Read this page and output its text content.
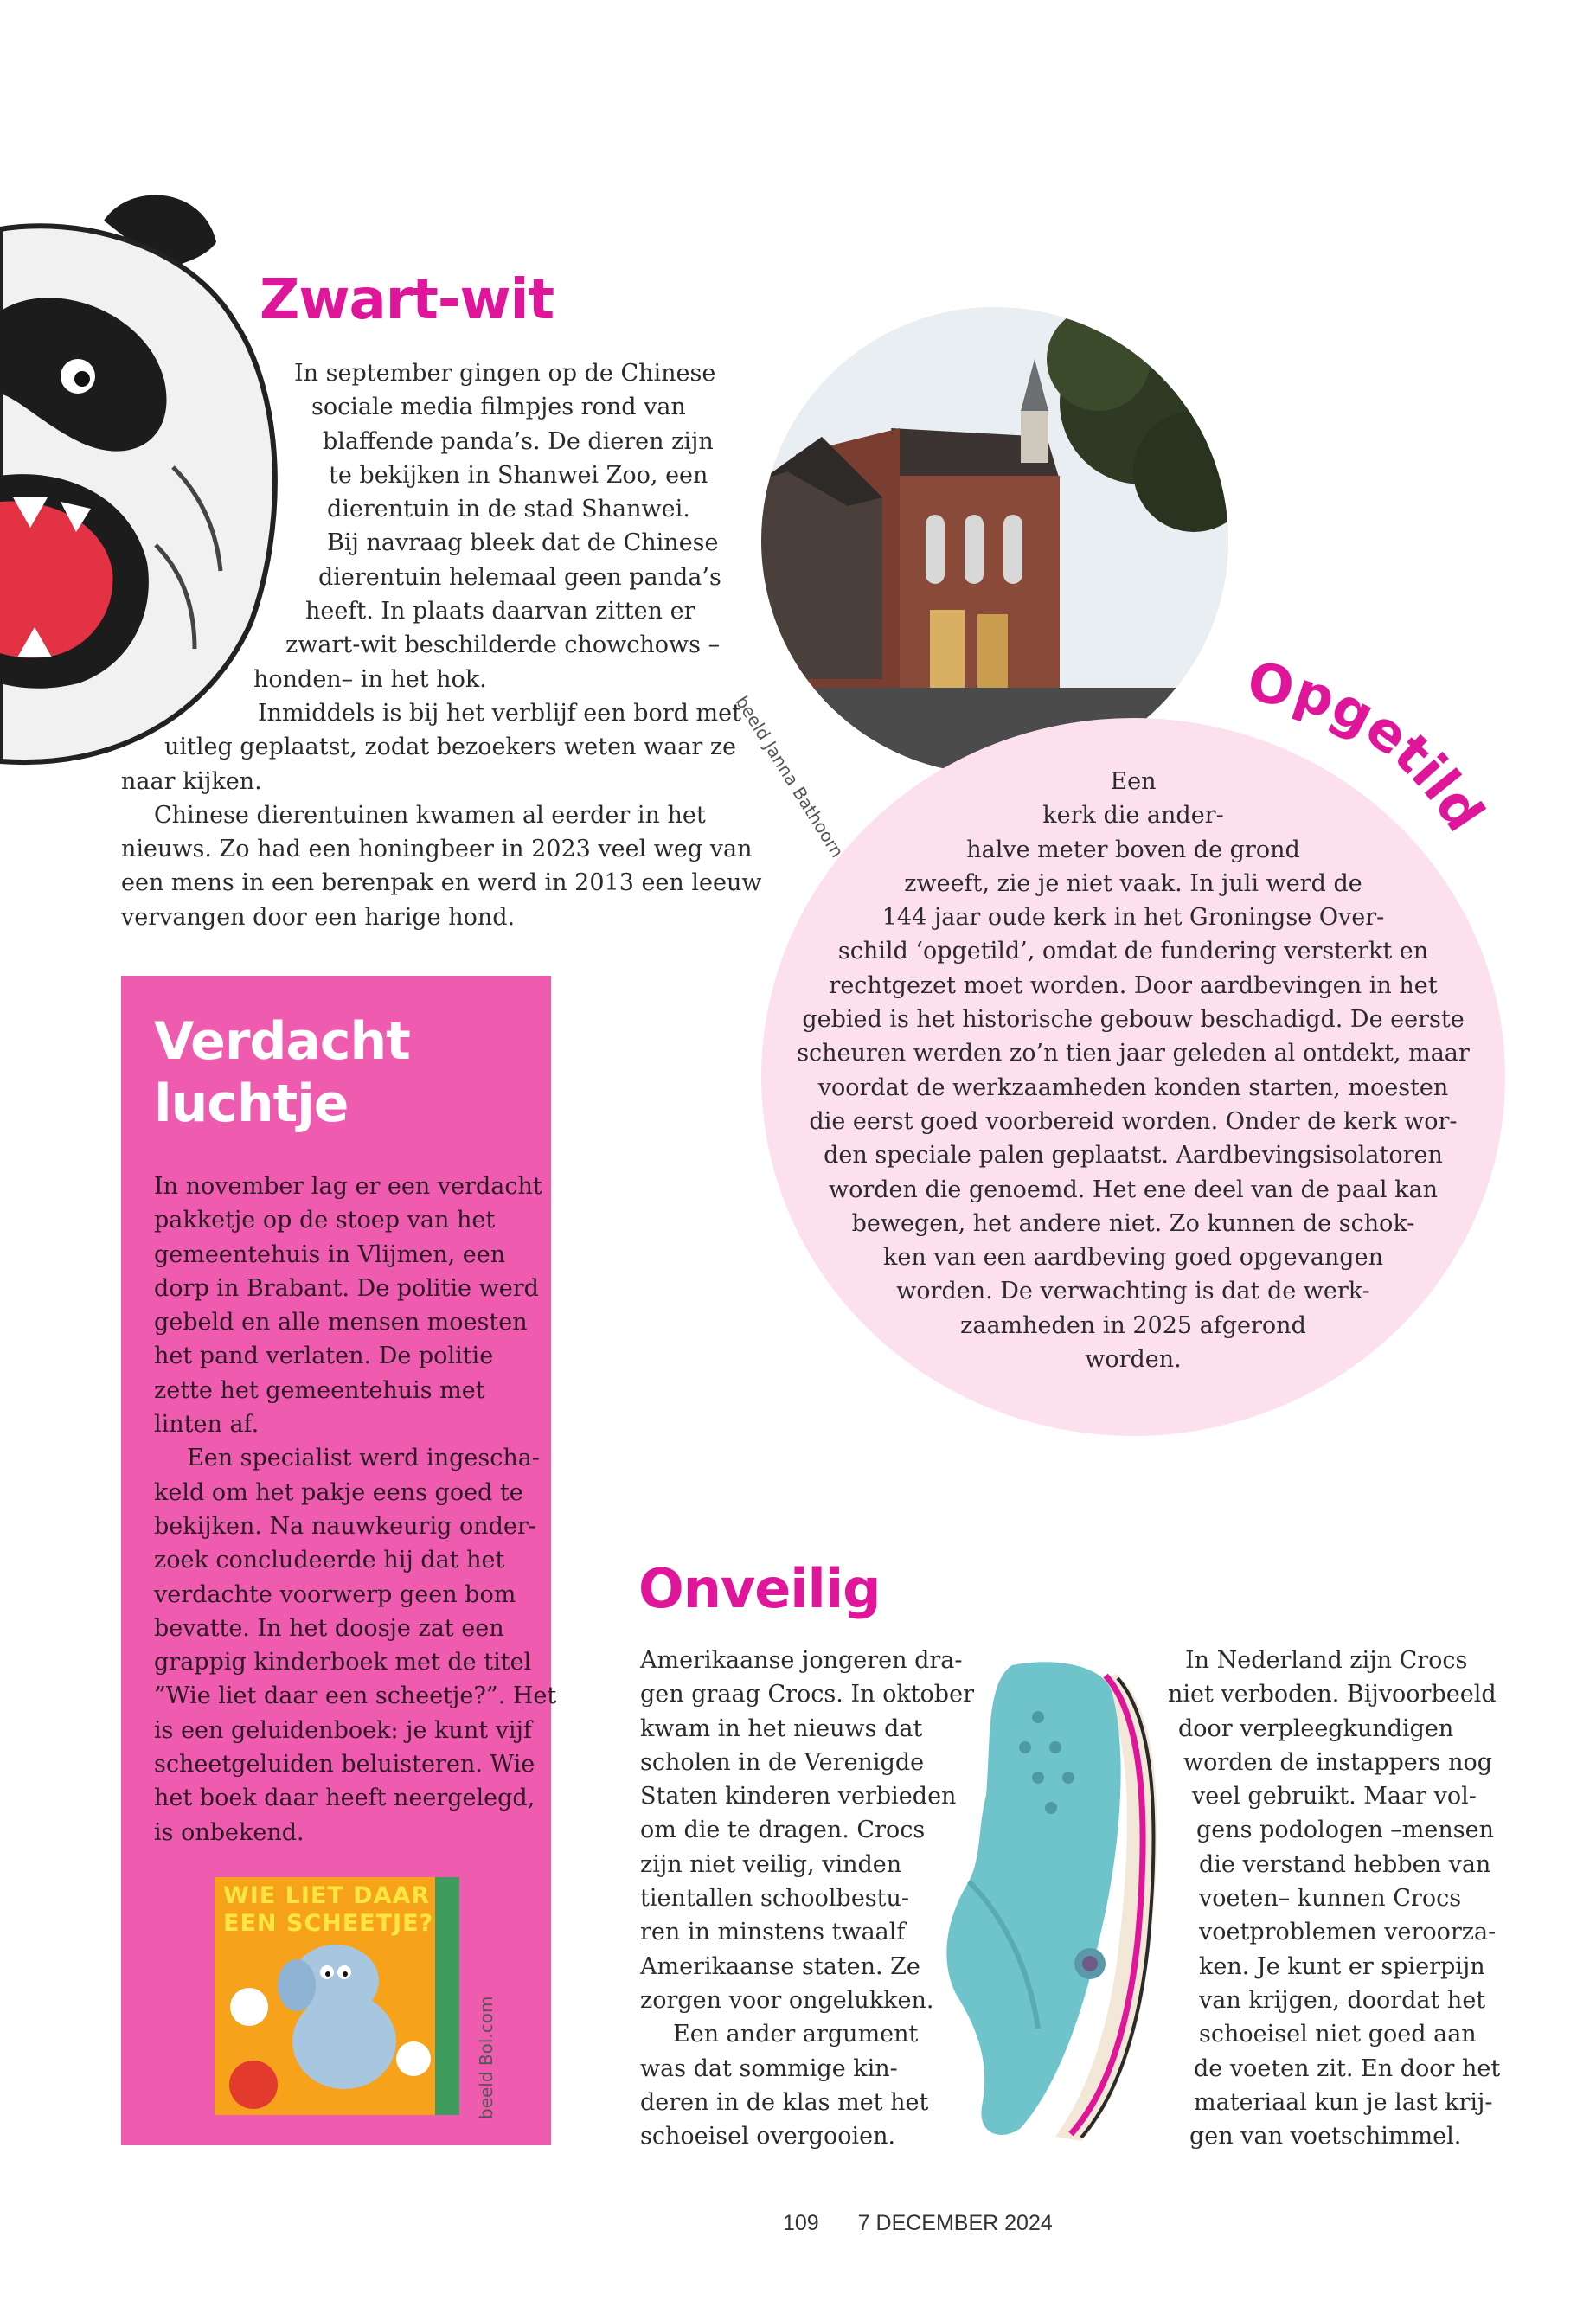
Zwart-wit
In september gingen op de Chinese
sociale media filmpjes rond van
blaffende panda’s. De dieren zijn
te bekijken in Shanwei Zoo, een
dierentuin in de stad Shanwei.
Bij navraag bleek dat de Chinese
dierentuin helemaal geen panda’s
heeft. In plaats daarvan zitten er
zwart-wit beschilderde chowchows –
honden– in het hok.
Inmiddels is bij het verblijf een bord met
uitleg geplaatst, zodat bezoekers weten waar ze
naar kijken.
Chinese dierentuinen kwamen al eerder in het
nieuws. Zo had een honingbeer in 2023 veel weg van
een mens in een berenpak en werd in 2013 een leeuw
vervangen door een harige hond.
beeld Janna Bathoorn
Opgetild
Een
kerk die ander-
halve meter boven de grond
zweeft, zie je niet vaak. In juli werd de
144 jaar oude kerk in het Groningse Over-
schild ‘opgetild’, omdat de fundering versterkt en
rechtgezet moet worden. Door aardbevingen in het
gebied is het historische gebouw beschadigd. De eerste
scheuren werden zo’n tien jaar geleden al ontdekt, maar
voordat de werkzaamheden konden starten, moesten
die eerst goed voorbereid worden. Onder de kerk wor-
den speciale palen geplaatst. Aardbevingsisolatoren
worden die genoemd. Het ene deel van de paal kan
bewegen, het andere niet. Zo kunnen de schok-
ken van een aardbeving goed opgevangen
worden. De verwachting is dat de werk-
zaamheden in 2025 afgerond
worden.
Verdacht
luchtje
In november lag er een verdacht
pakketje op de stoep van het
gemeentehuis in Vlijmen, een
dorp in Brabant. De politie werd
gebeld en alle mensen moesten
het pand verlaten. De politie
zette het gemeentehuis met
linten af.
Een specialist werd ingescha-
keld om het pakje eens goed te
bekijken. Na nauwkeurig onder-
zoek concludeerde hij dat het
verdachte voorwerp geen bom
bevatte. In het doosje zat een
grappig kinderboek met de titel
”Wie liet daar een scheetje?”. Het
is een geluidenboek: je kunt vijf
scheetgeluiden beluisteren. Wie
het boek daar heeft neergelegd,
is onbekend.
WIE LIET DAAR EEN SCHEETJE?
beeld Bol.com
Onveilig
Amerikaanse jongeren dra-
gen graag Crocs. In oktober
kwam in het nieuws dat
scholen in de Verenigde
Staten kinderen verbieden
om die te dragen. Crocs
zijn niet veilig, vinden
tientallen schoolbestu-
ren in minstens twaalf
Amerikaanse staten. Ze
zorgen voor ongelukken.
Een ander argument
was dat sommige kin-
deren in de klas met het
schoeisel overgooien.
In Nederland zijn Crocs
niet verboden. Bijvoorbeeld
door verpleegkundigen
worden de instappers nog
veel gebruikt. Maar vol-
gens podologen –mensen
die verstand hebben van
voeten– kunnen Crocs
voetproblemen veroorza-
ken. Je kunt er spierpijn
van krijgen, doordat het
schoeisel niet goed aan
de voeten zit. En door het
materiaal kun je last krij-
gen van voetschimmel.
109 7 DECEMBER 2024
